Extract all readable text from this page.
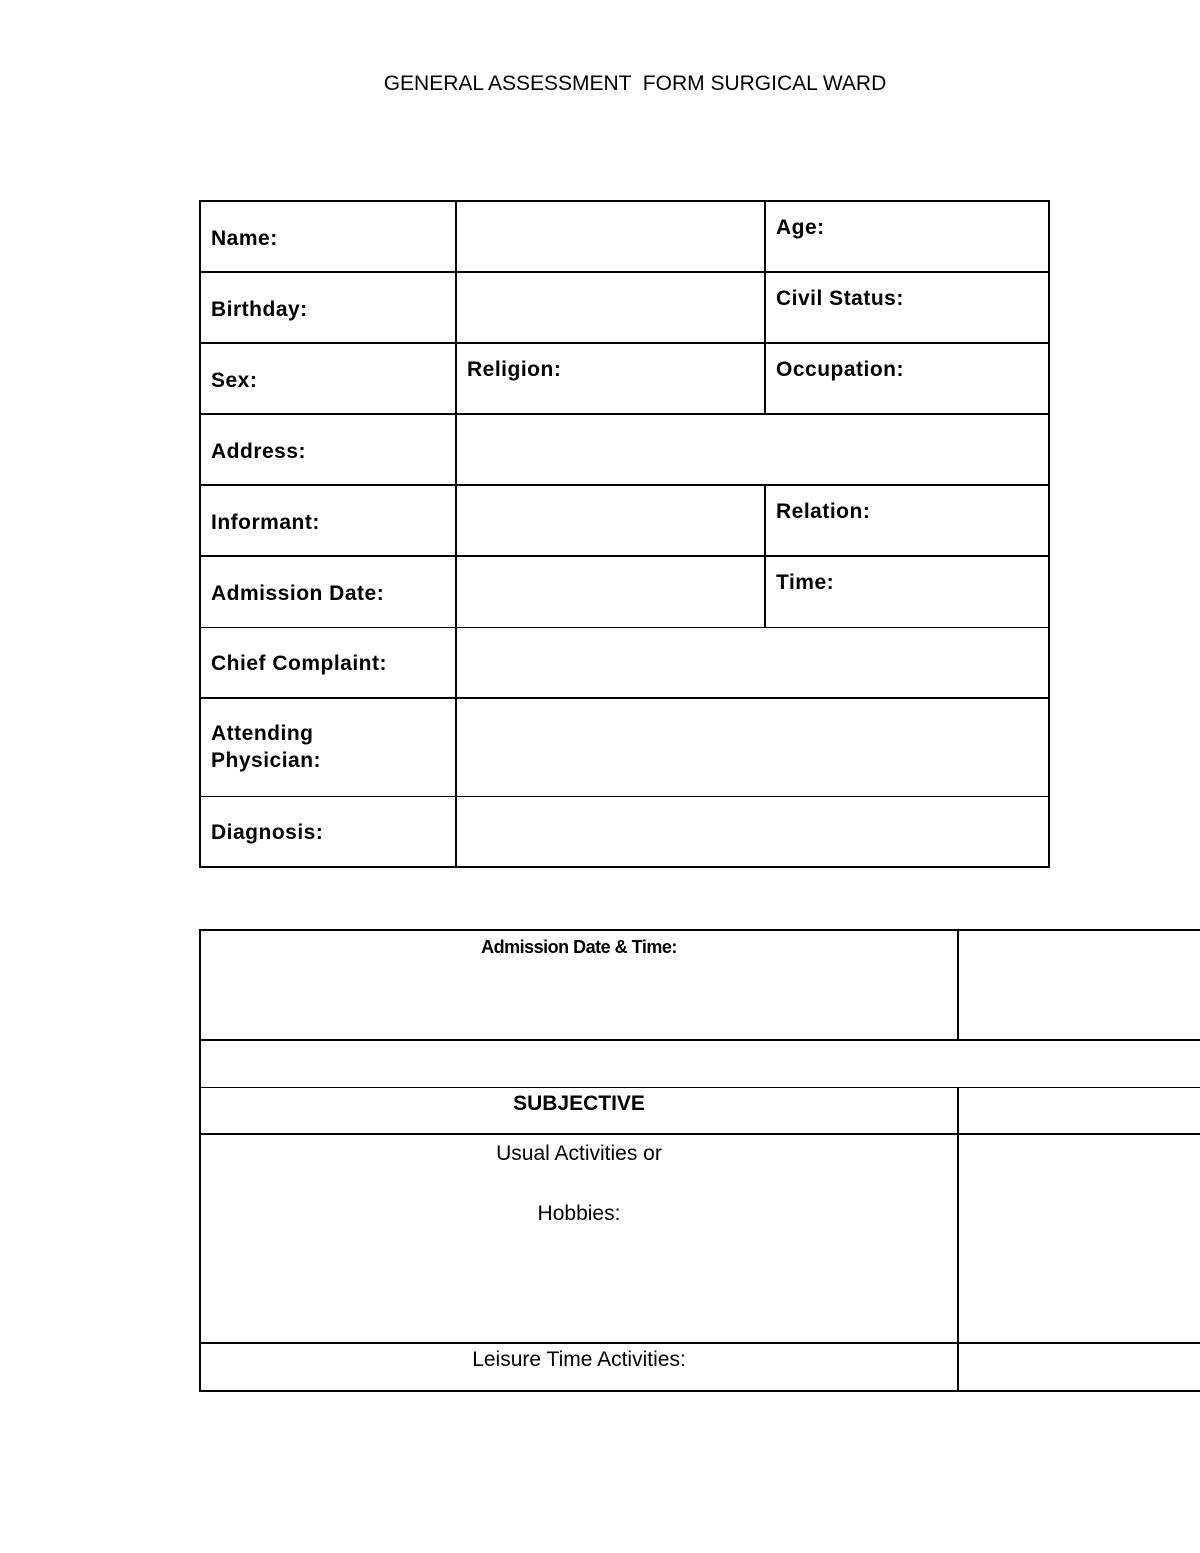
GENERAL ASSESSMENT  FORM SURGICAL WARD
Name:		Age:

Birthday:		Civil Status:

Sex:	Religion:	Occupation:

Address:		

Informant:		Relation:

Admission Date:		Time:

Chief Complaint:		

Attending
Physician:		

Diagnosis:		

Admission Date & Time:	

SUBJECTIVE	

Usual Activities or
Hobbies:	

Leisure Time Activities:	
